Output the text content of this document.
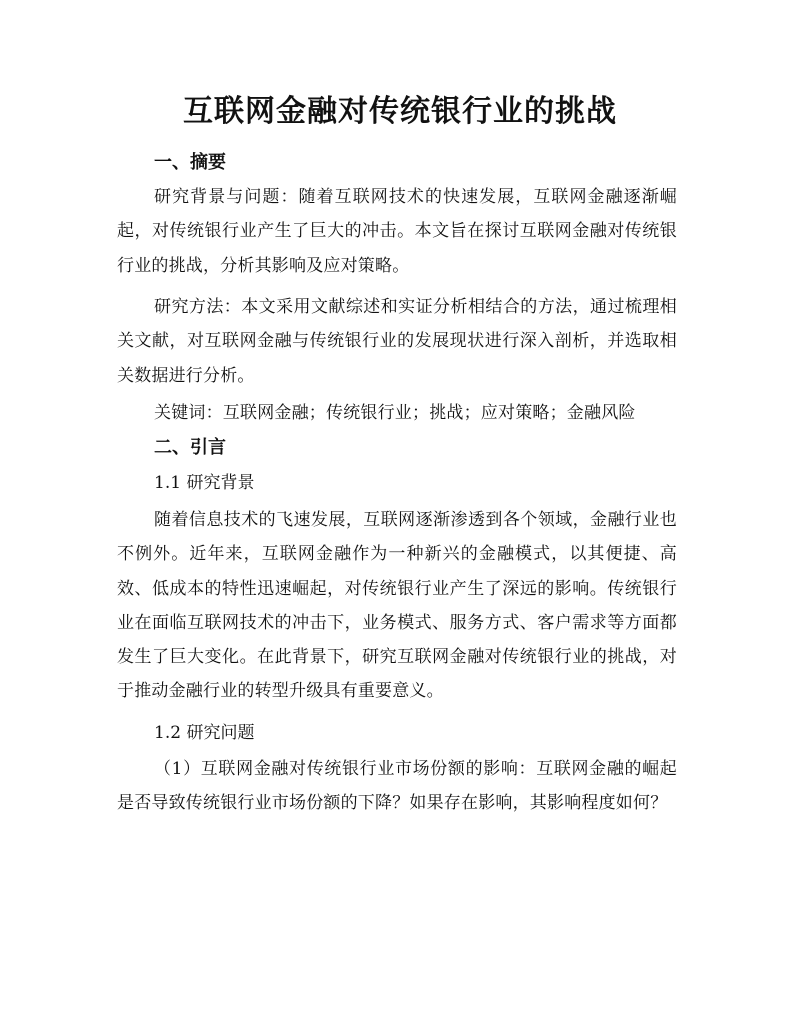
互联网金融对传统银行业的挑战
一、摘要
研究背景与问题：随着互联网技术的快速发展，互联网金融逐渐崛起，对传统银行业产生了巨大的冲击。本文旨在探讨互联网金融对传统银行业的挑战，分析其影响及应对策略。
研究方法：本文采用文献综述和实证分析相结合的方法，通过梳理相关文献，对互联网金融与传统银行业的发展现状进行深入剖析，并选取相关数据进行分析。
关键词：互联网金融；传统银行业；挑战；应对策略；金融风险
二、引言
1.1 研究背景
随着信息技术的飞速发展，互联网逐渐渗透到各个领域，金融行业也不例外。近年来，互联网金融作为一种新兴的金融模式，以其便捷、高效、低成本的特性迅速崛起，对传统银行业产生了深远的影响。传统银行业在面临互联网技术的冲击下，业务模式、服务方式、客户需求等方面都发生了巨大变化。在此背景下，研究互联网金融对传统银行业的挑战，对于推动金融行业的转型升级具有重要意义。
1.2 研究问题
（1）互联网金融对传统银行业市场份额的影响：互联网金融的崛起是否导致传统银行业市场份额的下降？如果存在影响，其影响程度如何？
